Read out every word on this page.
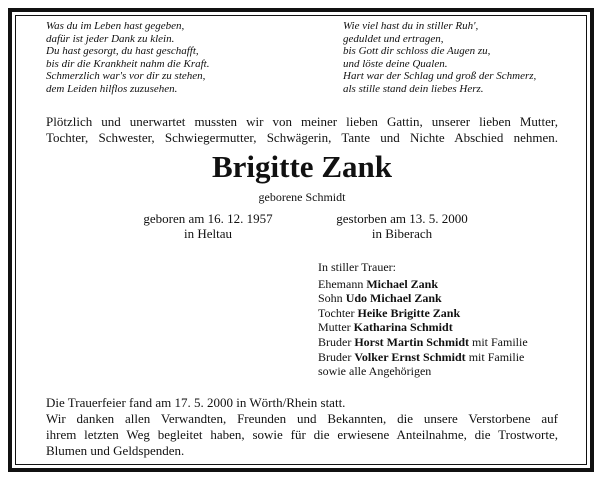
Was du im Leben hast gegeben,
dafür ist jeder Dank zu klein.
Du hast gesorgt, du hast geschafft,
bis dir die Krankheit nahm die Kraft.
Schmerzlich war's vor dir zu stehen,
dem Leiden hilflos zuzusehen.
Wie viel hast du in stiller Ruh',
geduldet und ertragen,
bis Gott dir schloss die Augen zu,
und löste deine Qualen.
Hart war der Schlag und groß der Schmerz,
als stille stand dein liebes Herz.
Plötzlich und unerwartet mussten wir von meiner lieben Gattin, unserer lieben Mutter,
Tochter, Schwester, Schwiegermutter, Schwägerin, Tante und Nichte Abschied nehmen.
Brigitte Zank
geborene Schmidt
geboren am 16. 12. 1957
in Heltau
gestorben am 13. 5. 2000
in Biberach
In stiller Trauer:
Ehemann Michael Zank
Sohn Udo Michael Zank
Tochter Heike Brigitte Zank
Mutter Katharina Schmidt
Bruder Horst Martin Schmidt mit Familie
Bruder Volker Ernst Schmidt mit Familie
sowie alle Angehörigen
Die Trauerfeier fand am 17. 5. 2000 in Wörth/Rhein statt.
Wir danken allen Verwandten, Freunden und Bekannten, die unsere Verstorbene auf
ihrem letzten Weg begleitet haben, sowie für die erwiesene Anteilnahme, die Trostworte,
Blumen und Geldspenden.
